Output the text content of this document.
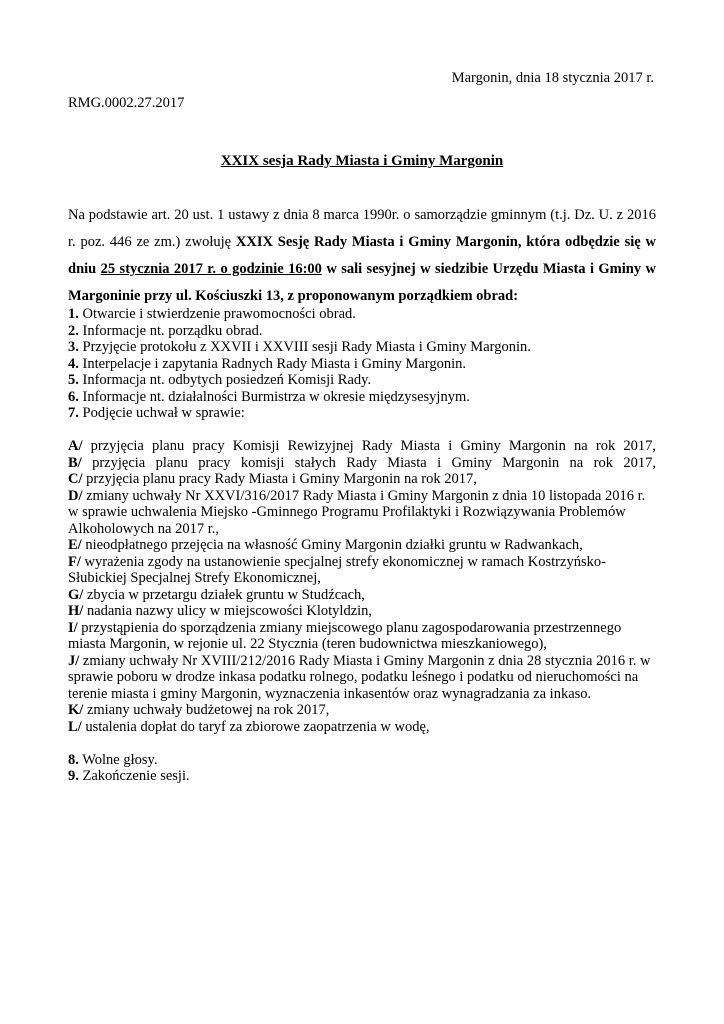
Margonin, dnia 18 stycznia 2017 r.
RMG.0002.27.2017
XXIX sesja Rady Miasta i Gminy Margonin
Na podstawie art. 20 ust. 1 ustawy z dnia 8 marca 1990r. o samorządzie gminnym (t.j. Dz. U. z 2016 r. poz. 446 ze zm.) zwołuję XXIX Sesję Rady Miasta i Gminy Margonin, która odbędzie się w dniu 25 stycznia 2017 r. o godzinie 16:00 w sali sesyjnej w siedzibie Urzędu Miasta i Gminy w Margoninie przy ul. Kościuszki 13, z proponowanym porządkiem obrad:
1. Otwarcie i stwierdzenie prawomocności obrad.
2. Informacje nt. porządku obrad.
3. Przyjęcie protokołu z XXVII i XXVIII sesji Rady Miasta i Gminy Margonin.
4. Interpelacje i zapytania Radnych Rady Miasta i Gminy Margonin.
5. Informacja nt. odbytych posiedzeń Komisji Rady.
6. Informacje nt. działalności Burmistrza w okresie międzysesyjnym.
7. Podjęcie uchwał w sprawie:
A/ przyjęcia planu pracy Komisji Rewizyjnej Rady Miasta i Gminy Margonin na rok 2017,
B/ przyjęcia planu pracy komisji stałych Rady Miasta i Gminy Margonin na rok 2017,
C/ przyjęcia planu pracy Rady Miasta i Gminy Margonin na rok 2017,
D/ zmiany uchwały Nr XXVI/316/2017 Rady Miasta i Gminy Margonin z dnia 10 listopada 2016 r. w sprawie uchwalenia Miejsko -Gminnego Programu Profilaktyki i Rozwiązywania Problemów Alkoholowych na 2017 r.,
E/ nieodpłatnego przejęcia na własność Gminy Margonin działki gruntu w Radwankach,
F/ wyrażenia zgody na ustanowienie specjalnej strefy ekonomicznej w ramach Kostrzyńsko-Słubickiej Specjalnej Strefy Ekonomicznej,
G/ zbycia w przetargu działek gruntu w Studźcach,
H/ nadania nazwy ulicy w miejscowości Klotyldzin,
I/ przystąpienia do sporządzenia zmiany miejscowego planu zagospodarowania przestrzennego miasta Margonin, w rejonie ul. 22 Stycznia (teren budownictwa mieszkaniowego),
J/ zmiany uchwały Nr XVIII/212/2016 Rady Miasta i Gminy Margonin z dnia 28 stycznia 2016 r. w sprawie poboru w drodze inkasa podatku rolnego, podatku leśnego i podatku od nieruchomości na terenie miasta i gminy Margonin, wyznaczenia inkasentów oraz wynagradzania za inkaso.
K/ zmiany uchwały budżetowej na rok 2017,
L/ ustalenia dopłat do taryf za zbiorowe zaopatrzenia w wodę,
8. Wolne głosy.
9. Zakończenie sesji.
